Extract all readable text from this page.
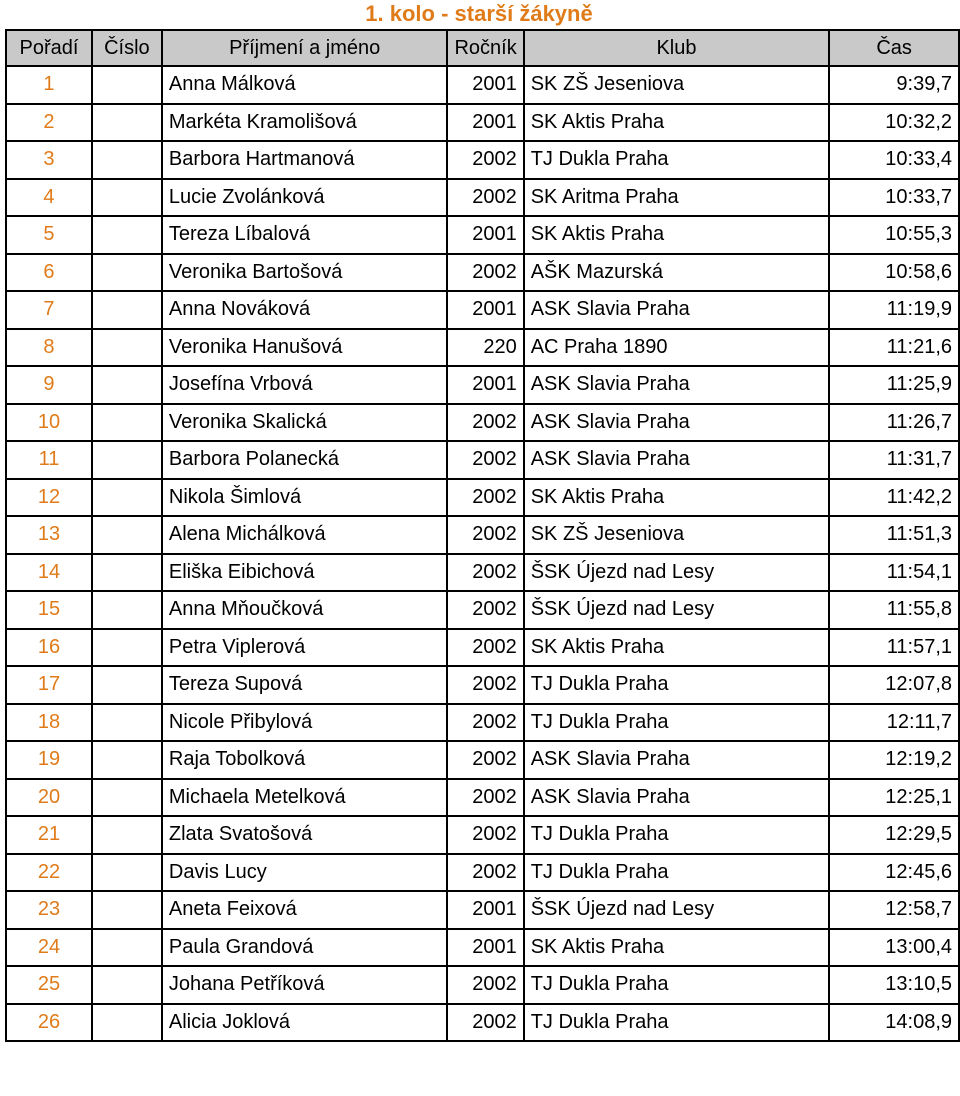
1. kolo - starší žákyně
Pořadí	Číslo	Příjmení a jméno	Ročník	Klub	Čas
1		Anna Málková	2001	SK ZŠ Jeseniova	9:39,7
2		Markéta Kramolišová	2001	SK Aktis Praha	10:32,2
3		Barbora Hartmanová	2002	TJ Dukla Praha	10:33,4
4		Lucie Zvolánková	2002	SK Aritma Praha	10:33,7
5		Tereza Líbalová	2001	SK Aktis Praha	10:55,3
6		Veronika Bartošová	2002	AŠK Mazurská	10:58,6
7		Anna Nováková	2001	ASK Slavia Praha	11:19,9
8		Veronika Hanušová	220	AC Praha 1890	11:21,6
9		Josefína Vrbová	2001	ASK Slavia Praha	11:25,9
10		Veronika Skalická	2002	ASK Slavia Praha	11:26,7
11		Barbora Polanecká	2002	ASK Slavia Praha	11:31,7
12		Nikola Šimlová	2002	SK Aktis Praha	11:42,2
13		Alena Michálková	2002	SK ZŠ Jeseniova	11:51,3
14		Eliška Eibichová	2002	ŠSK Újezd nad Lesy	11:54,1
15		Anna Mňoučková	2002	ŠSK Újezd nad Lesy	11:55,8
16		Petra Viplerová	2002	SK Aktis Praha	11:57,1
17		Tereza Supová	2002	TJ Dukla Praha	12:07,8
18		Nicole Přibylová	2002	TJ Dukla Praha	12:11,7
19		Raja Tobolková	2002	ASK Slavia Praha	12:19,2
20		Michaela Metelková	2002	ASK Slavia Praha	12:25,1
21		Zlata Svatošová	2002	TJ Dukla Praha	12:29,5
22		Davis Lucy	2002	TJ Dukla Praha	12:45,6
23		Aneta Feixová	2001	ŠSK Újezd nad Lesy	12:58,7
24		Paula Grandová	2001	SK Aktis Praha	13:00,4
25		Johana Petříková	2002	TJ Dukla Praha	13:10,5
26		Alicia Joklová	2002	TJ Dukla Praha	14:08,9
